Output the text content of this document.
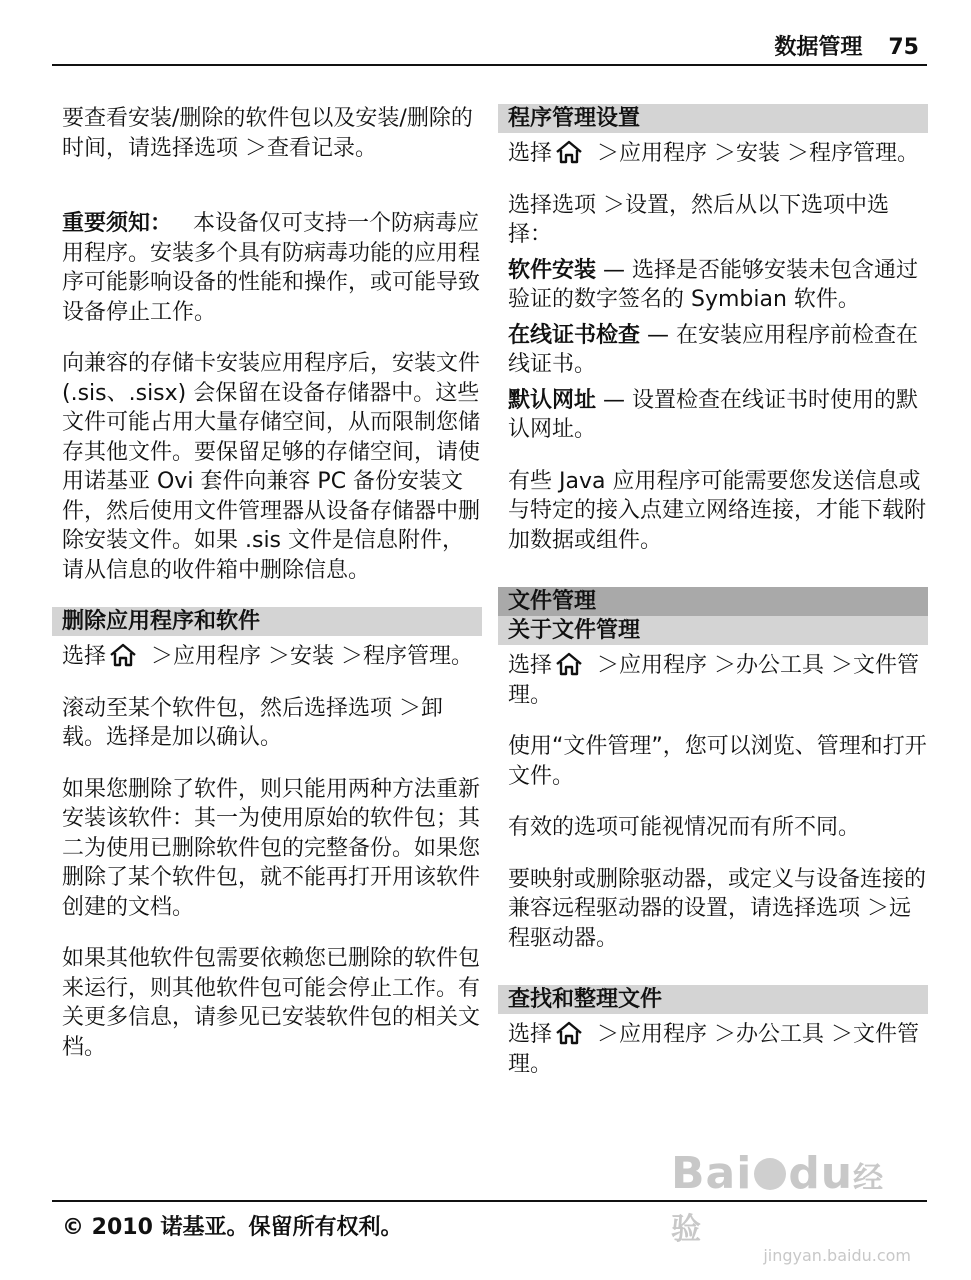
数据管理 75

要查看安装/删除的软件包以及安装/删除的时间，请选择选项 ＞查看记录。

重要须知： 本设备仅可支持一个防病毒应用程序。安装多个具有防病毒功能的应用程序可能影响设备的性能和操作，或可能导致设备停止工作。

向兼容的存储卡安装应用程序后，安装文件 (.sis、.sisx) 会保留在设备存储器中。这些文件可能占用大量存储空间，从而限制您储存其他文件。要保留足够的存储空间，请使用诺基亚 Ovi 套件向兼容 PC 备份安装文件，然后使用文件管理器从设备存储器中删除安装文件。如果 .sis 文件是信息附件，请从信息的收件箱中删除信息。

删除应用程序和软件

选择 ＞应用程序 ＞安装 ＞程序管理。

滚动至某个软件包，然后选择选项 ＞卸载。选择是加以确认。

如果您删除了软件，则只能用两种方法重新安装该软件：其一为使用原始的软件包；其二为使用已删除软件包的完整备份。如果您删除了某个软件包，就不能再打开用该软件创建的文档。

如果其他软件包需要依赖您已删除的软件包来运行，则其他软件包可能会停止工作。有关更多信息，请参见已安装软件包的相关文档。

程序管理设置

选择 ＞应用程序 ＞安装 ＞程序管理。

选择选项 ＞设置，然后从以下选项中选择：

软件安装 — 选择是否能够安装未包含通过验证的数字签名的 Symbian 软件。

在线证书检查 — 在安装应用程序前检查在线证书。

默认网址 — 设置检查在线证书时使用的默认网址。

有些 Java 应用程序可能需要您发送信息或与特定的接入点建立网络连接，才能下载附加数据或组件。

文件管理
关于文件管理

选择 ＞应用程序 ＞办公工具 ＞文件管理。

使用“文件管理”，您可以浏览、管理和打开文件。

有效的选项可能视情况而有所不同。

要映射或删除驱动器，或定义与设备连接的兼容远程驱动器的设置，请选择选项 ＞远程驱动器。

查找和整理文件

选择 ＞应用程序 ＞办公工具 ＞文件管理。

Bai du经验
jingyan.baidu.com
© 2010 诺基亚。保留所有权利。
